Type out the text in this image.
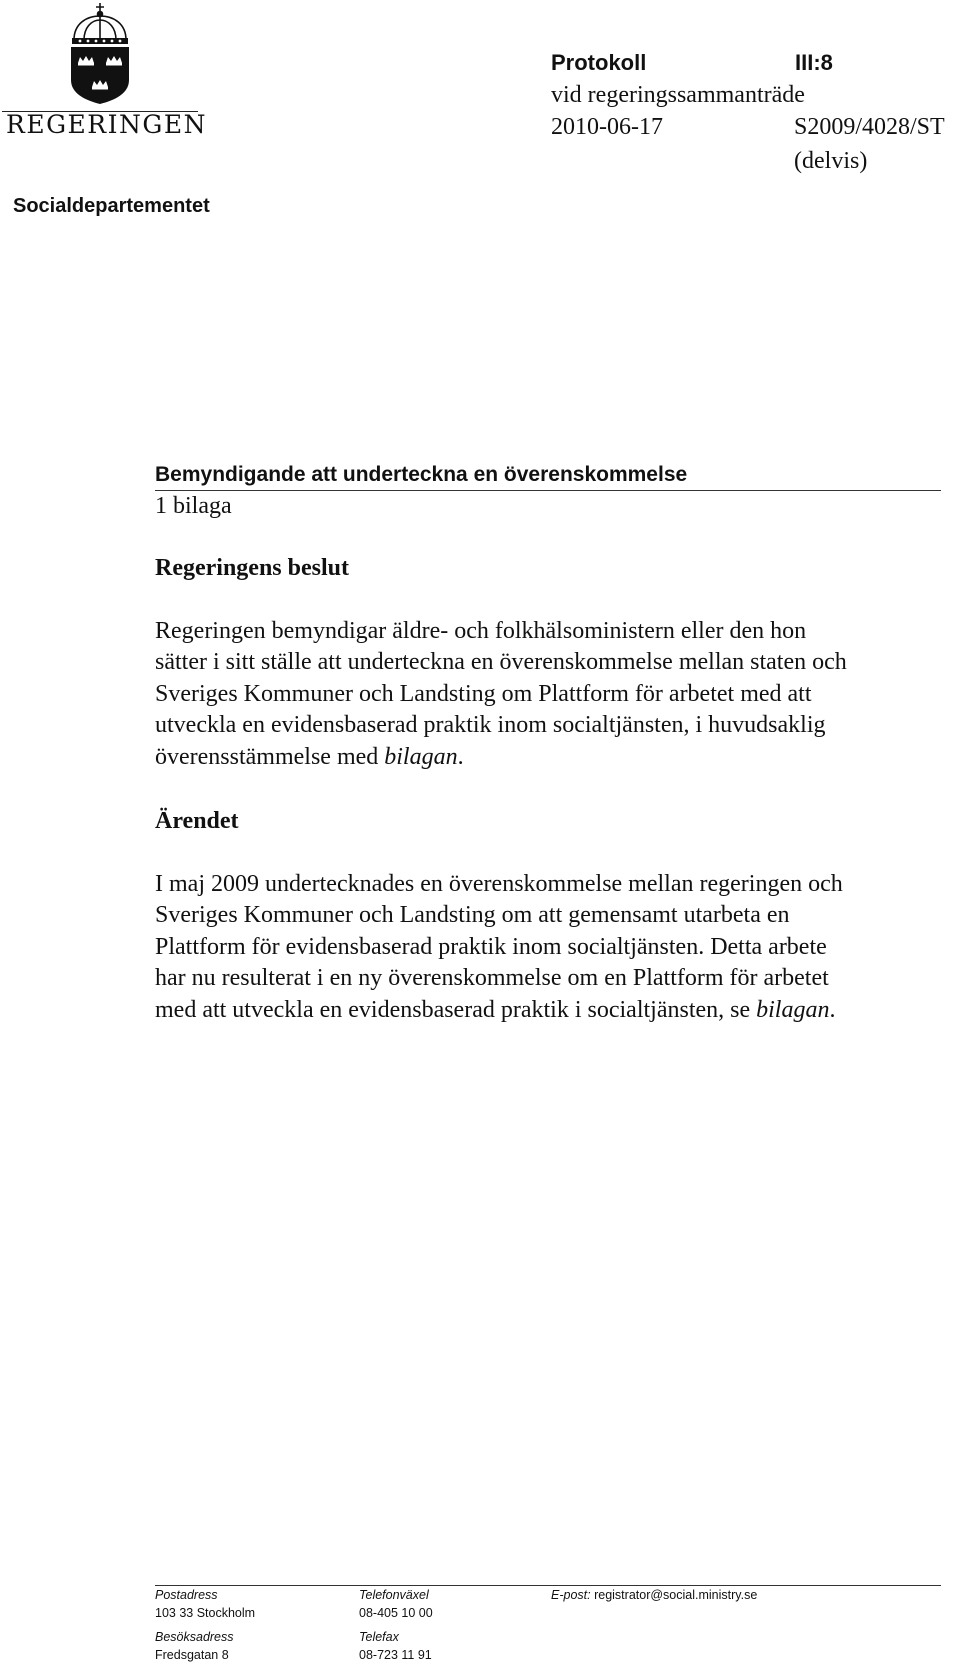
REGERINGEN
Socialdepartementet
Protokoll	III:8
vid regeringssammanträde
2010-06-17	S2009/4028/ST
(delvis)
Bemyndigande att underteckna en överenskommelse
1 bilaga
Regeringens beslut
Regeringen bemyndigar äldre- och folkhälsoministern eller den hon
sätter i sitt ställe att underteckna en överenskommelse mellan staten och
Sveriges Kommuner och Landsting om Plattform för arbetet med att
utveckla en evidensbaserad praktik inom socialtjänsten, i huvudsaklig
överensstämmelse med bilagan.
Ärendet
I maj 2009 undertecknades en överenskommelse mellan regeringen och
Sveriges Kommuner och Landsting om att gemensamt utarbeta en
Plattform för evidensbaserad praktik inom socialtjänsten. Detta arbete
har nu resulterat i en ny överenskommelse om en Plattform för arbetet
med att utveckla en evidensbaserad praktik i socialtjänsten, se bilagan.
Postadress
103 33 Stockholm
Besöksadress
Fredsgatan 8
Telefonväxel
08-405 10 00
Telefax
08-723 11 91
E-post: registrator@social.ministry.se
